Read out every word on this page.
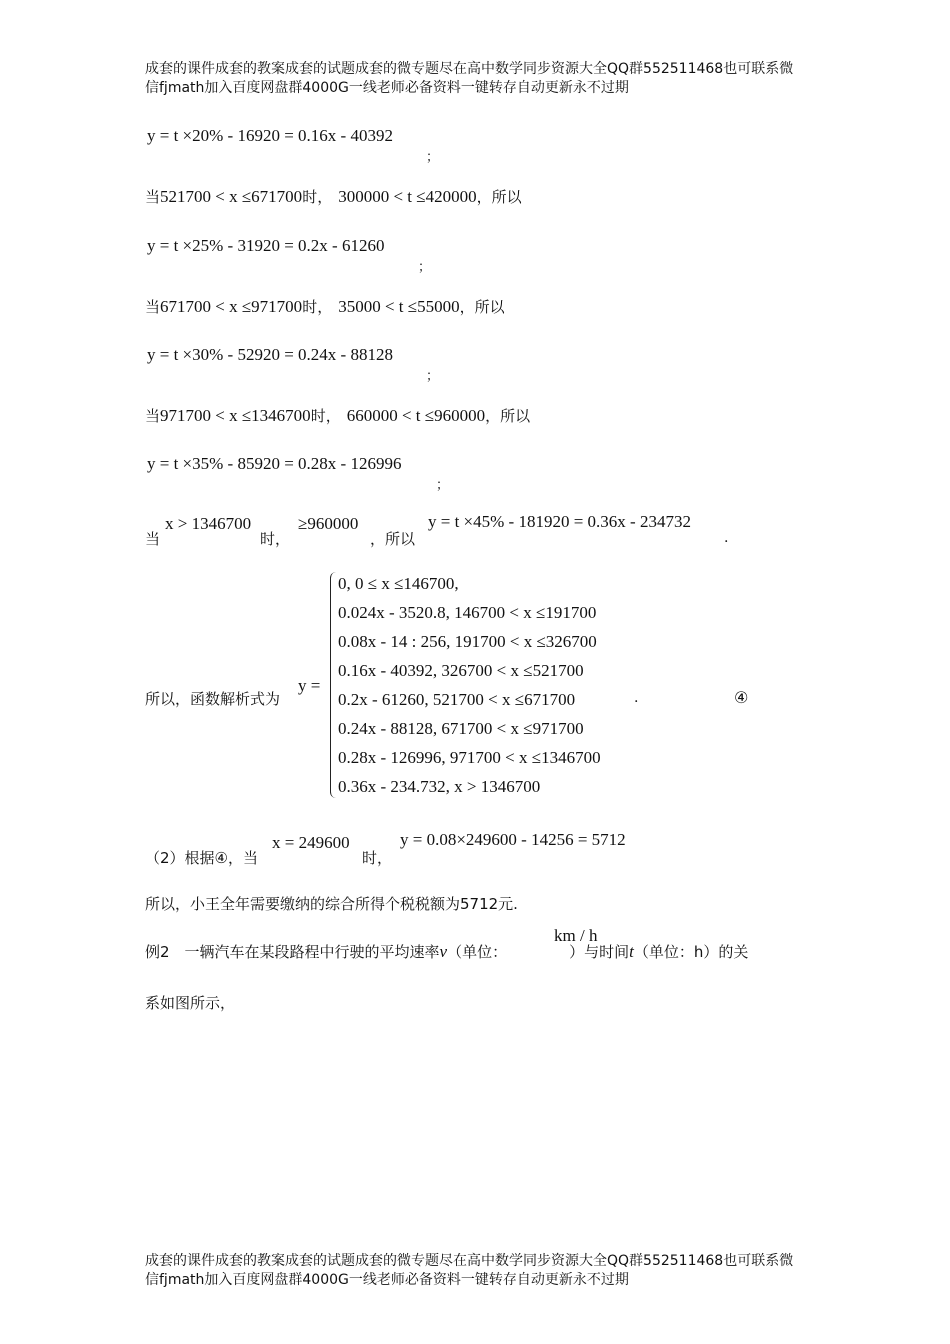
成套的课件成套的教案成套的试题成套的微专题尽在高中数学同步资源大全QQ群552511468也可联系微
信fjmath加入百度网盘群4000G一线老师必备资料一键转存自动更新永不过期
y = t ×20% - 16920 = 0.16x - 40392
；
当521700 < x ≤671700时， 300000 < t ≤420000，所以
y = t ×25% - 31920 = 0.2x - 61260
；
当671700 < x ≤971700时， 35000 < t ≤55000，所以
y = t ×30% - 52920 = 0.24x - 88128
；
当971700 < x ≤1346700时， 660000 < t ≤960000，所以
y = t ×35% - 85920 = 0.28x - 126996
；
当
x > 1346700
时，
≥960000
，所以
y = t ×45% - 181920 = 0.36x - 234732
.
所以，函数解析式为
y =
0, 0 ≤ x ≤146700,
0.024x - 3520.8, 146700 < x ≤191700
0.08x - 14 : 256, 191700 < x ≤326700
0.16x - 40392, 326700 < x ≤521700
0.2x - 61260, 521700 < x ≤671700
0.24x - 88128, 671700 < x ≤971700
0.28x - 126996, 971700 < x ≤1346700
0.36x - 234.732, x > 1346700
.	④
（2）根据④，当
x = 249600
时，
y = 0.08×249600 - 14256 = 5712
所以，小王全年需要缴纳的综合所得个税税额为5712元.
例2　一辆汽车在某段路程中行驶的平均速率v（单位：	）与时间t（单位：h）的关
km / h
系如图所示，
成套的课件成套的教案成套的试题成套的微专题尽在高中数学同步资源大全QQ群552511468也可联系微
信fjmath加入百度网盘群4000G一线老师必备资料一键转存自动更新永不过期
